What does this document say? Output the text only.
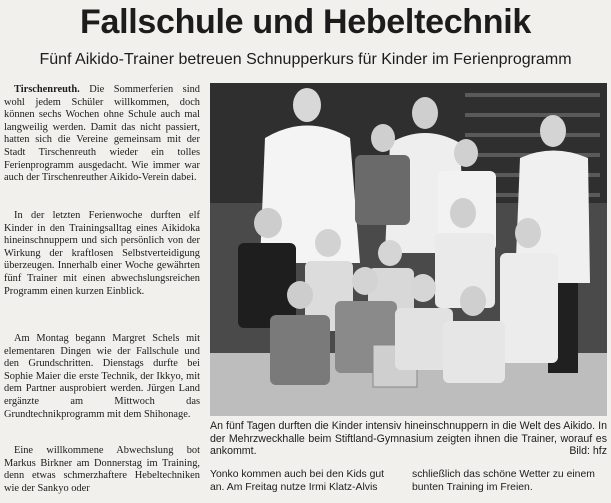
Fallschule und Hebeltechnik
Fünf Aikido-Trainer betreuen Schnupperkurs für Kinder im Ferienprogramm

Tirschenreuth. Die Sommerferien sind wohl jedem Schüler willkommen, doch können sechs Wochen ohne Schule auch mal langweilig werden. Damit das nicht passiert, hatten sich die Vereine gemeinsam mit der Stadt Tirschenreuth wieder ein tolles Ferienprogramm ausgedacht. Wie immer war auch der Tirschenreuther Aikido-Verein dabei.

In der letzten Ferienwoche durften elf Kinder in den Trainingsalltag eines Aikidoka hineinschnuppern und sich persönlich von der Wirkung der kraftlosen Selbstverteidigung überzeugen. Innerhalb einer Woche gewährten fünf Trainer mit einen abwechslungsreichen Programm einen kurzen Einblick.

Am Montag begann Margret Schels mit elementaren Dingen wie der Fallschule und den Grundschritten. Dienstags durfte bei Sophie Maier die erste Technik, der Ikkyo, mit dem Partner ausprobiert werden. Jürgen Land ergänzte am Mittwoch das Grundtechnikprogramm mit dem Shihonage.

Eine willkommene Abwechslung bot Markus Birkner am Donnerstag im Training, denn etwas schmerzhaftere Hebeltechniken wie der Sankyo oder

An fünf Tagen durften die Kinder intensiv hineinschnuppern in die Welt des Aikido. In der Mehrzweckhalle beim Stiftland-Gymnasium zeigten ihnen die Trainer, worauf es ankommt.	Bild: hfz
Yonko kommen auch bei den Kids gut an. Am Freitag nutze Irmi Klatz-Alvis
schließlich das schöne Wetter zu einem bunten Training im Freien.
